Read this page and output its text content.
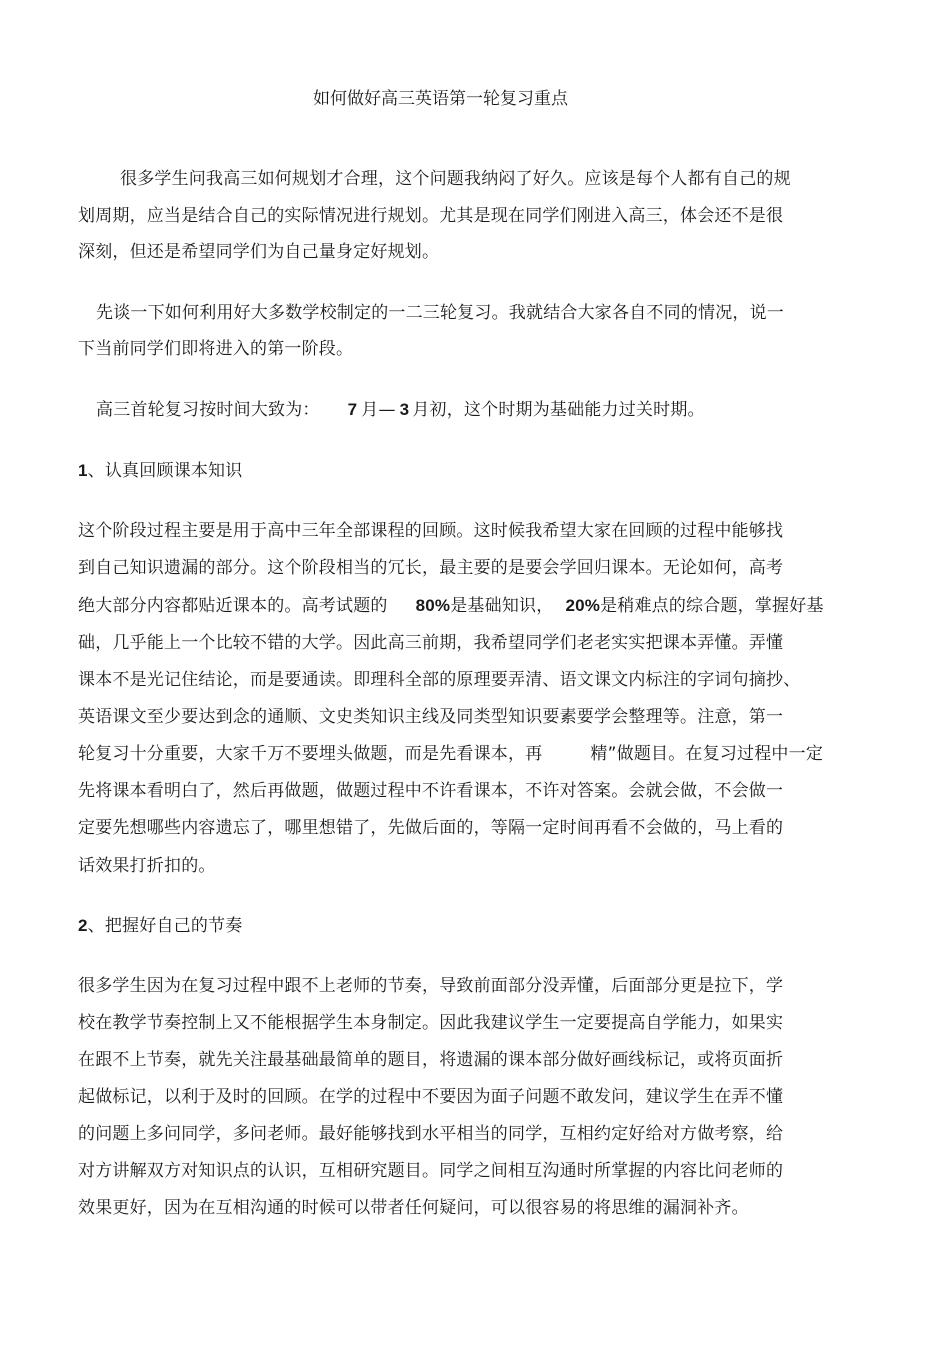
如何做好高三英语第一轮复习重点
很多学生问我高三如何规划才合理，这个问题我纳闷了好久。应该是每个人都有自己的规
划周期，应当是结合自己的实际情况进行规划。尤其是现在同学们刚进入高三，体会还不是很
深刻，但还是希望同学们为自己量身定好规划。
先谈一下如何利用好大多数学校制定的一二三轮复习。我就结合大家各自不同的情况，说一
下当前同学们即将进入的第一阶段。
高三首轮复习按时间大致为： 7 月— 3 月初，这个时期为基础能力过关时期。
1、认真回顾课本知识
这个阶段过程主要是用于高中三年全部课程的回顾。这时候我希望大家在回顾的过程中能够找
到自己知识遗漏的部分。这个阶段相当的冗长，最主要的是要会学回归课本。无论如何，高考
绝大部分内容都贴近课本的。高考试题的 80%是基础知识， 20%是稍难点的综合题，掌握好基
础，几乎能上一个比较不错的大学。因此高三前期，我希望同学们老老实实把课本弄懂。弄懂
课本不是光记住结论，而是要通读。即理科全部的原理要弄清、语文课文内标注的字词句摘抄、
英语课文至少要达到念的通顺、文史类知识主线及同类型知识要素要学会整理等。注意，第一
轮复习十分重要，大家千万不要埋头做题，而是先看课本，再	精”做题目。在复习过程中一定
先将课本看明白了，然后再做题，做题过程中不许看课本，不许对答案。会就会做，不会做一
定要先想哪些内容遗忘了，哪里想错了，先做后面的，等隔一定时间再看不会做的，马上看的
话效果打折扣的。
2、把握好自己的节奏
很多学生因为在复习过程中跟不上老师的节奏，导致前面部分没弄懂，后面部分更是拉下，学
校在教学节奏控制上又不能根据学生本身制定。因此我建议学生一定要提高自学能力，如果实
在跟不上节奏，就先关注最基础最简单的题目，将遗漏的课本部分做好画线标记，或将页面折
起做标记，以利于及时的回顾。在学的过程中不要因为面子问题不敢发问，建议学生在弄不懂
的问题上多问同学，多问老师。最好能够找到水平相当的同学，互相约定好给对方做考察，给
对方讲解双方对知识点的认识，互相研究题目。同学之间相互沟通时所掌握的内容比问老师的
效果更好，因为在互相沟通的时候可以带者任何疑问，可以很容易的将思维的漏洞补齐。
